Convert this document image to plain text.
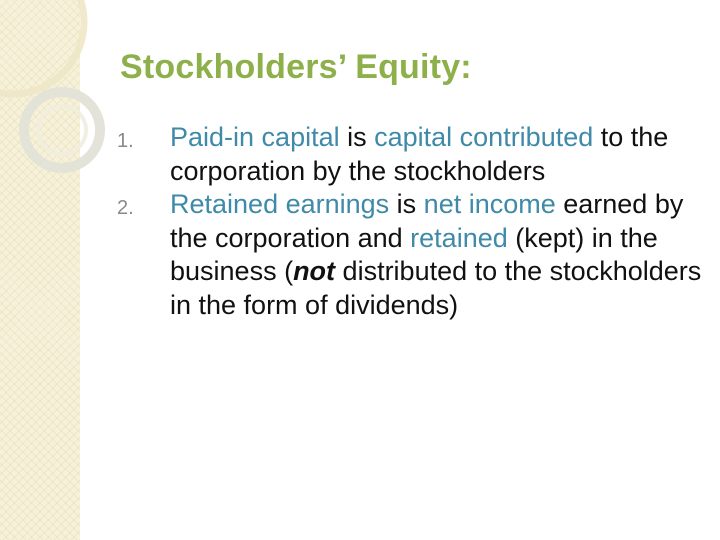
Stockholders’ Equity:
1. Paid-in capital is capital contributed to the corporation by the stockholders
2. Retained earnings is net income earned by the corporation and retained (kept) in the business (not distributed to the stockholders in the form of dividends)
